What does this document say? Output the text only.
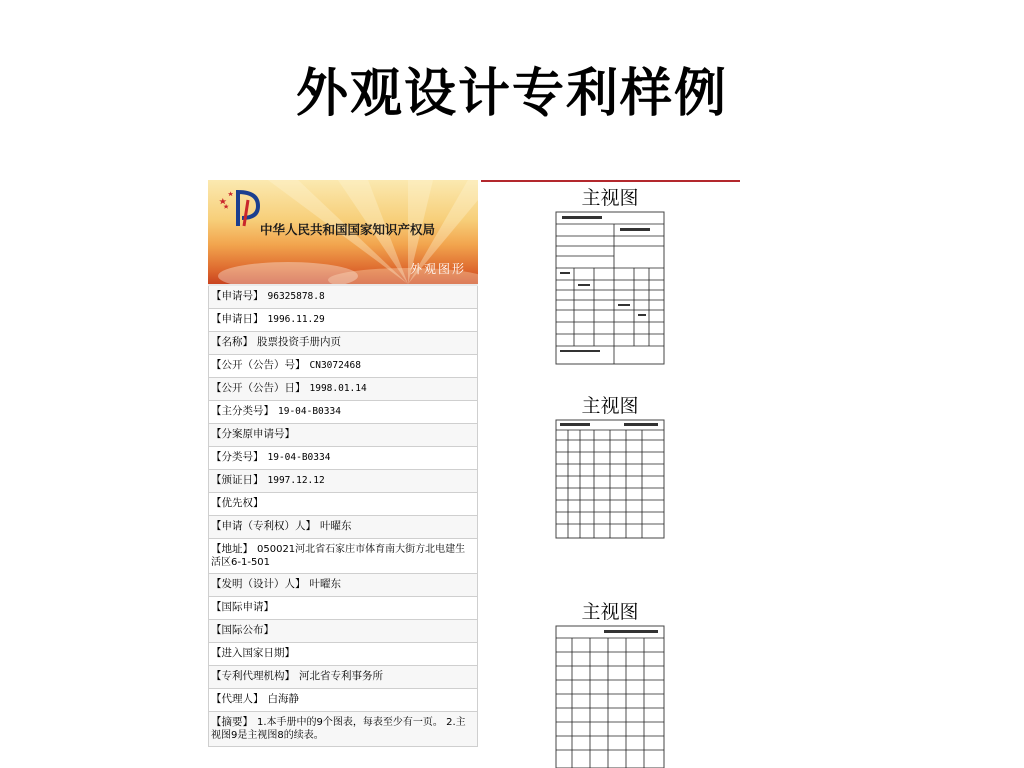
外观设计专利样例
中华人民共和国国家知识产权局
外观图形
【申请号】 96325878.8
【申请日】 1996.11.29
【名称】 股票投资手册内页
【公开（公告）号】 CN3072468
【公开（公告）日】 1998.01.14
【主分类号】 19-04-B0334
【分案原申请号】
【分类号】 19-04-B0334
【颁证日】 1997.12.12
【优先权】
【申请（专利权）人】 叶曜东
【地址】 050021河北省石家庄市体育南大街方北电建生活区6-1-501
【发明（设计）人】 叶曜东
【国际申请】
【国际公布】
【进入国家日期】
【专利代理机构】 河北省专利事务所
【代理人】 白海静
【摘要】 1.本手册中的9个图表，每表至少有一页。 2.主视图9是主视图8的续表。
主视图
主视图
主视图
